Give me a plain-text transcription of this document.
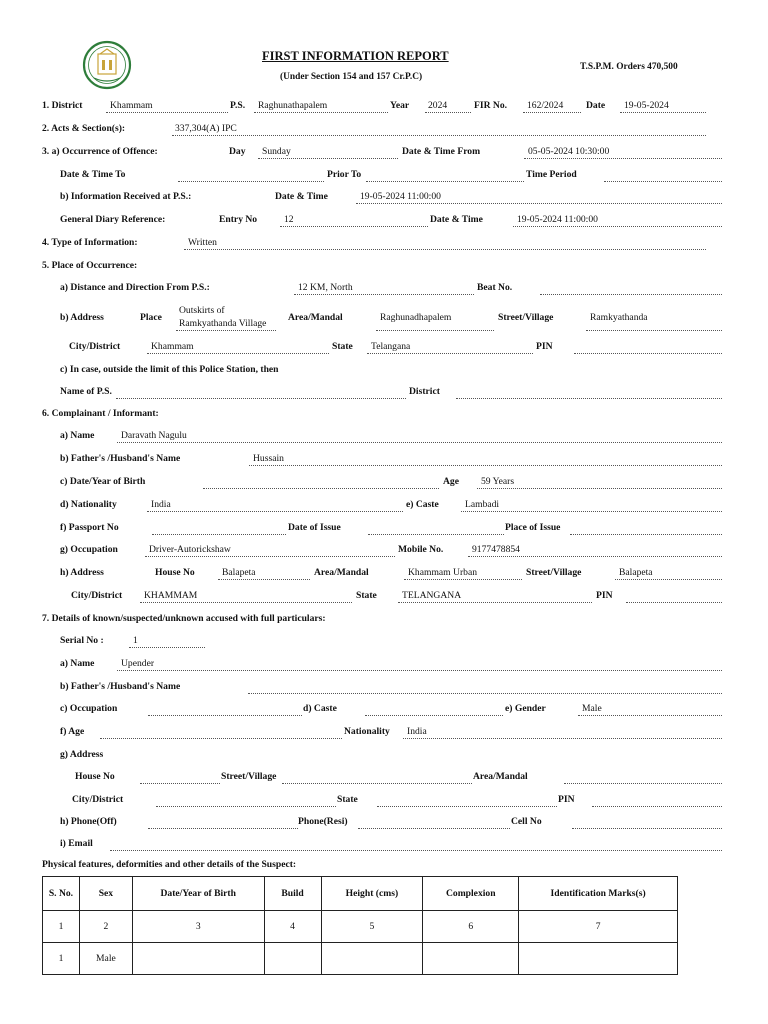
FIRST INFORMATION REPORT
(Under Section 154 and 157 Cr.P.C)
T.S.P.M. Orders 470,500
1. District	Khammam	P.S. Raghunathapalem	Year 2024	FIR No. 162/2024 Date 19-05-2024
2. Acts & Section(s):	337,304(A) IPC
3. a) Occurrence of Offence:	Day Sunday	Date & Time From	05-05-2024 10:30:00
Date & Time To	Prior To	Time Period
b) Information Received at P.S.:	Date & Time	19-05-2024 11:00:00
General Diary Reference:	Entry No	12	Date & Time	19-05-2024 11:00:00
4. Type of Information:	Written
5. Place of Occurrence:
a) Distance and Direction From P.S.:	12 KM, North	Beat No.
b) Address	Place
Outskirts of
Ramkyathanda Village
Area/Mandal	Raghunadhapalem	Street/Village	Ramkyathanda
City/District	Khammam	State Telangana	PIN
c) In case, outside the limit of this Police Station, then
Name of P.S.	District
6. Complainant / Informant:
a) Name	Daravath Nagulu
b) Father's /Husband's Name	Hussain
c) Date/Year of Birth	Age 59 Years
d) Nationality	India	e) Caste	Lambadi
f) Passport No	Date of Issue	Place of Issue
g) Occupation	Driver-Autorickshaw	Mobile No.	9177478854
h) Address	House No	Balapeta	Area/Mandal	Khammam Urban	Street/Village	Balapeta
City/District KHAMMAM	State	TELANGANA	PIN
7. Details of known/suspected/unknown accused with full particulars:
Serial No :	1
a) Name	Upender
b) Father's /Husband's Name
c) Occupation	d) Caste	e) Gender	Male
f) Age	Nationality India
g) Address
House No	Street/Village	Area/Mandal
City/District	State	PIN
h) Phone(Off)	Phone(Resi)	Cell No
i) Email
Physical features, deformities and other details of the Suspect:
S. No.	Sex	Date/Year of Birth	Build	Height (cms)	Complexion	Identification Marks(s)
1	2	3	4	5	6	7
1	Male					
